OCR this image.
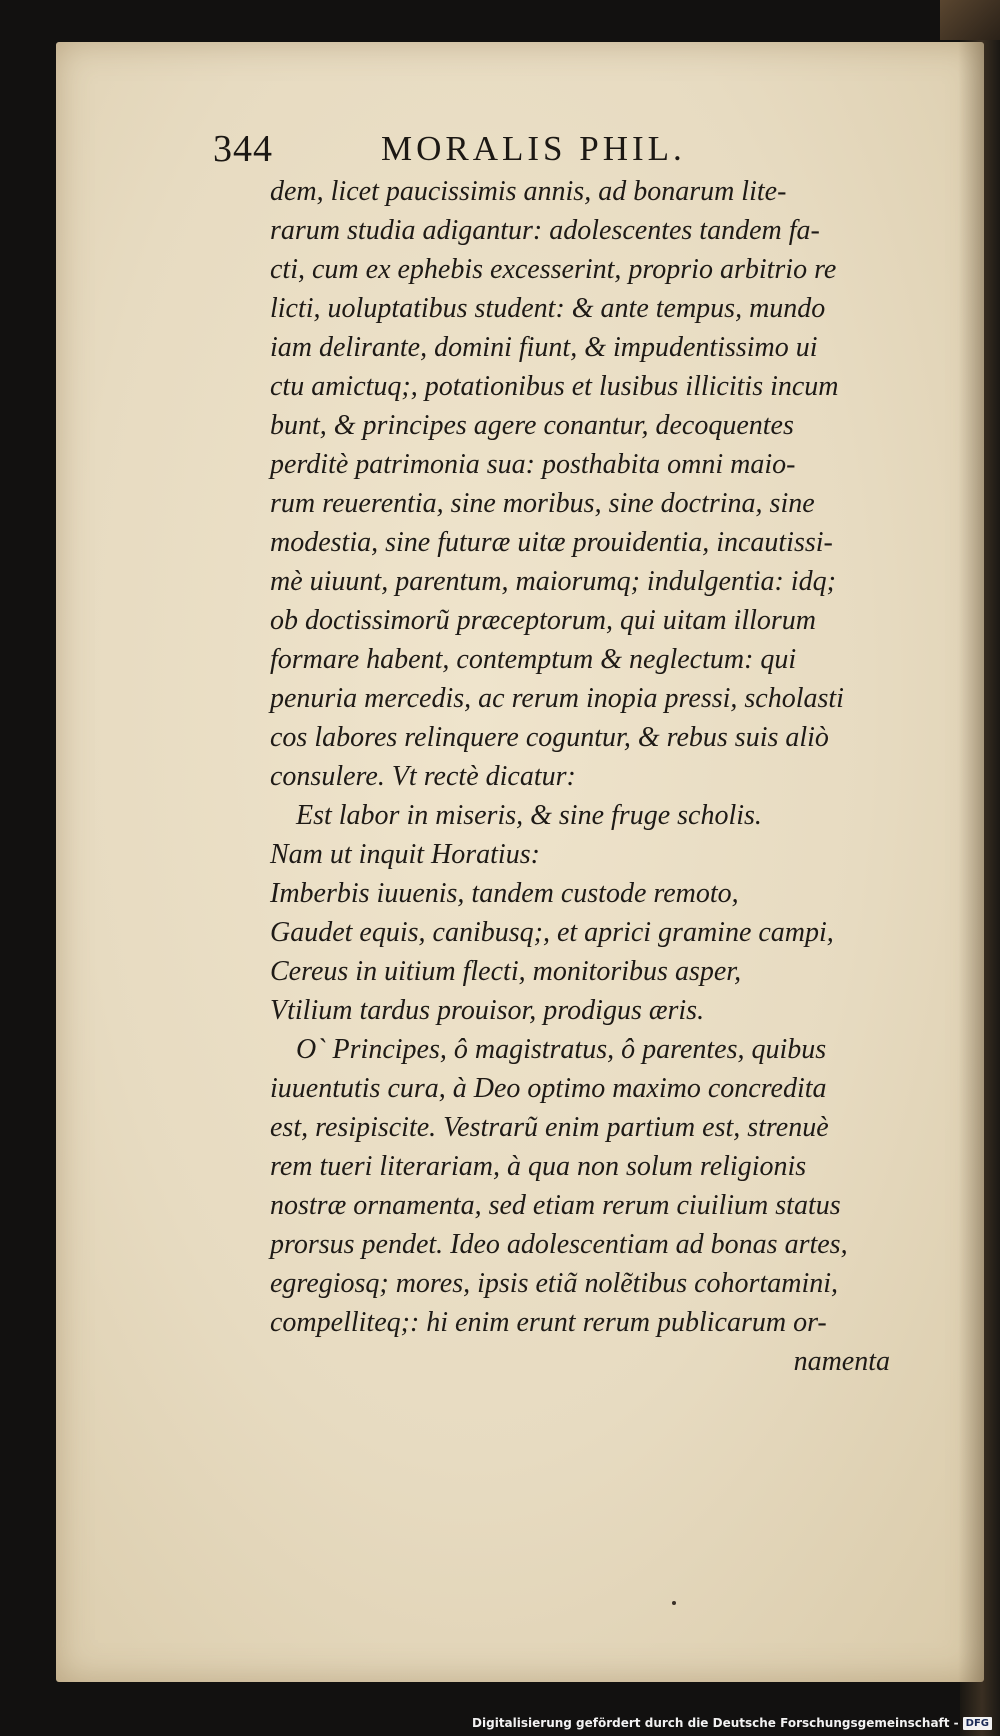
344	MORALIS PHIL.
dem, licet paucissimis annis, ad bonarum lite-
rarum studia adigantur: adolescentes tandem fa-
cti, cum ex ephebis excesserint, proprio arbitrio re
licti, uoluptatibus student: & ante tempus, mundo
iam delirante, domini fiunt, & impudentissimo ui
ctu amictuq;, potationibus et lusibus illicitis incum
bunt, & principes agere conantur, decoquentes
perditè patrimonia sua: posthabita omni maio-
rum reuerentia, sine moribus, sine doctrina, sine
modestia, sine futuræ uitæ prouidentia, incautissi-
mè uiuunt, parentum, maiorumq; indulgentia: idq;
ob doctissimorũ præceptorum, qui uitam illorum
formare habent, contemptum & neglectum: qui
penuria mercedis, ac rerum inopia pressi, scholasti
cos labores relinquere coguntur, & rebus suis aliò
consulere. Vt rectè dicatur:
Est labor in miseris, & sine fruge scholis.
Nam ut inquit Horatius:
Imberbis iuuenis, tandem custode remoto,
Gaudet equis, canibusq;, et aprici gramine campi,
Cereus in uitium flecti, monitoribus asper,
Vtilium tardus prouisor, prodigus æris.
O` Principes, ô magistratus, ô parentes, quibus
iuuentutis cura, à Deo optimo maximo concredita
est, resipiscite. Vestrarũ enim partium est, strenuè
rem tueri literariam, à qua non solum religionis
nostræ ornamenta, sed etiam rerum ciuilium status
prorsus pendet. Ideo adolescentiam ad bonas artes,
egregiosq; mores, ipsis etiã nolẽtibus cohortamini,
compelliteq;: hi enim erunt rerum publicarum or-
namenta
Digitalisierung gefördert durch die Deutsche Forschungsgemeinschaft - DFG
